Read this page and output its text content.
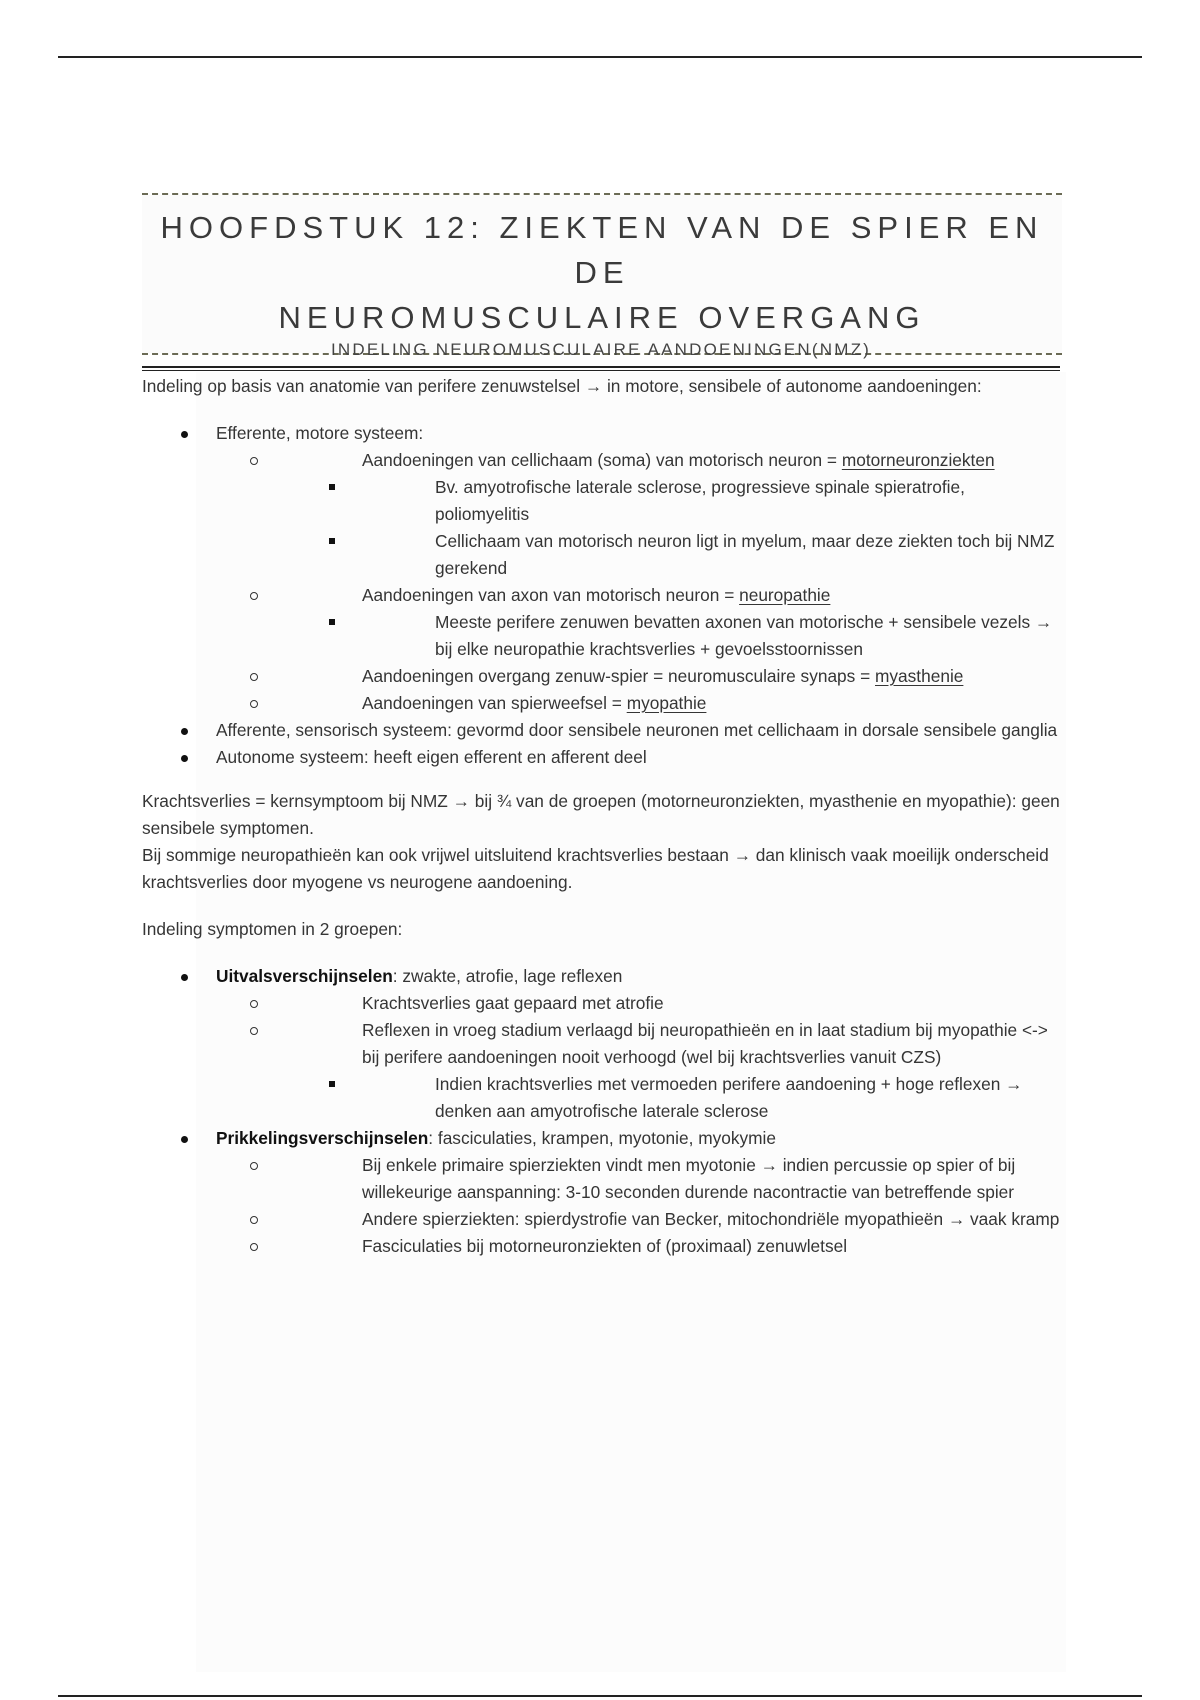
HOOFDSTUK 12: ZIEKTEN VAN DE SPIER EN DE
NEUROMUSCULAIRE OVERGANG
INDELING NEUROMUSCULAIRE AANDOENINGEN(NMZ)

Indeling op basis van anatomie van perifere zenuwstelsel → in motore, sensibele of autonome aandoeningen:

Efferente, motore systeem:
Aandoeningen van cellichaam (soma) van motorisch neuron = motorneuronziekten
Bv. amyotrofische laterale sclerose, progressieve spinale spieratrofie, poliomyelitis
Cellichaam van motorisch neuron ligt in myelum, maar deze ziekten toch bij NMZ gerekend
Aandoeningen van axon van motorisch neuron = neuropathie
Meeste perifere zenuwen bevatten axonen van motorische + sensibele vezels → bij elke neuropathie krachtsverlies + gevoelsstoornissen
Aandoeningen overgang zenuw-spier = neuromusculaire synaps = myasthenie
Aandoeningen van spierweefsel = myopathie
Afferente, sensorisch systeem: gevormd door sensibele neuronen met cellichaam in dorsale sensibele ganglia
Autonome systeem: heeft eigen efferent en afferent deel

Krachtsverlies = kernsymptoom bij NMZ → bij ¾ van de groepen (motorneuronziekten, myasthenie en myopathie): geen sensibele symptomen.

Bij sommige neuropathieën kan ook vrijwel uitsluitend krachtsverlies bestaan → dan klinisch vaak moeilijk onderscheid krachtsverlies door myogene vs neurogene aandoening.

Indeling symptomen in 2 groepen:

Uitvalsverschijnselen: zwakte, atrofie, lage reflexen
Krachtsverlies gaat gepaard met atrofie
Reflexen in vroeg stadium verlaagd bij neuropathieën en in laat stadium bij myopathie <-> bij perifere aandoeningen nooit verhoogd (wel bij krachtsverlies vanuit CZS)
Indien krachtsverlies met vermoeden perifere aandoening + hoge reflexen → denken aan amyotrofische laterale sclerose
Prikkelingsverschijnselen: fasciculaties, krampen, myotonie, myokymie
Bij enkele primaire spierziekten vindt men myotonie → indien percussie op spier of bij willekeurige aanspanning: 3-10 seconden durende nacontractie van betreffende spier
Andere spierziekten: spierdystrofie van Becker, mitochondriële myopathieën → vaak kramp
Fasciculaties bij motorneuronziekten of (proximaal) zenuwletsel
